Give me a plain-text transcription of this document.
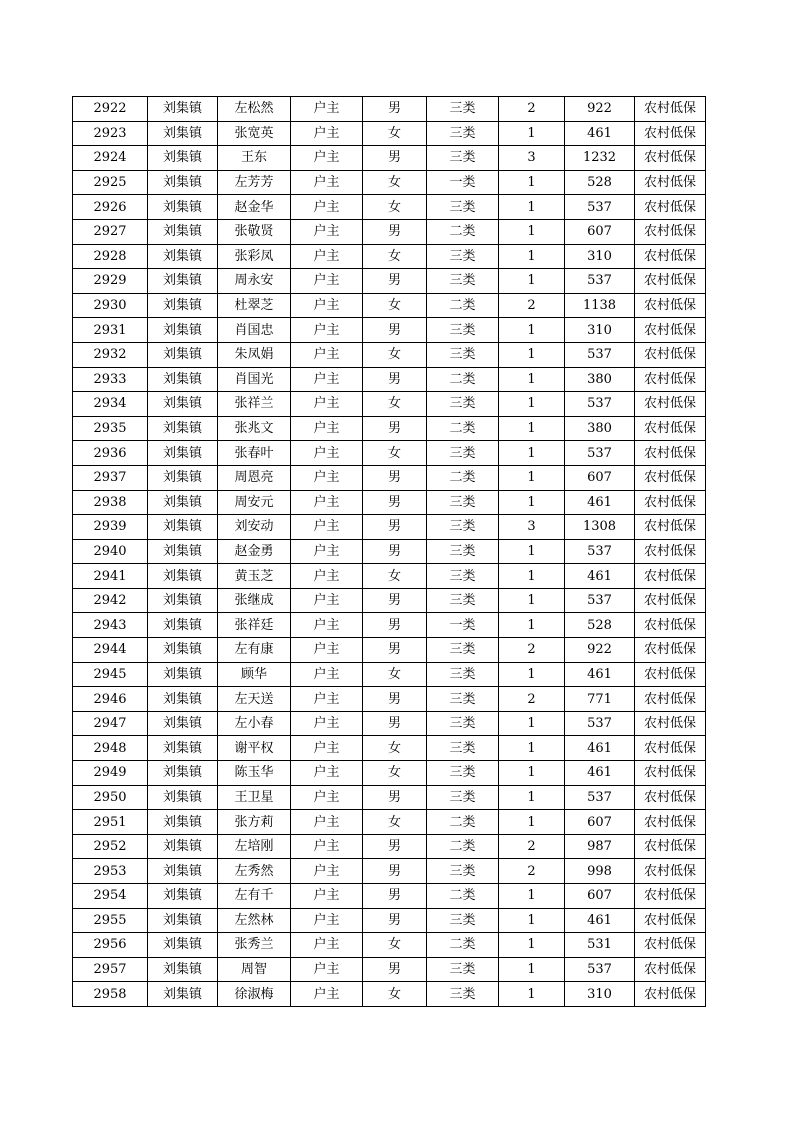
2922	刘集镇	左松然	户主	男	三类	2	922	农村低保
2923	刘集镇	张宽英	户主	女	三类	1	461	农村低保
2924	刘集镇	王东	户主	男	三类	3	1232	农村低保
2925	刘集镇	左芳芳	户主	女	一类	1	528	农村低保
2926	刘集镇	赵金华	户主	女	三类	1	537	农村低保
2927	刘集镇	张敬贤	户主	男	二类	1	607	农村低保
2928	刘集镇	张彩凤	户主	女	三类	1	310	农村低保
2929	刘集镇	周永安	户主	男	三类	1	537	农村低保
2930	刘集镇	杜翠芝	户主	女	二类	2	1138	农村低保
2931	刘集镇	肖国忠	户主	男	三类	1	310	农村低保
2932	刘集镇	朱凤娟	户主	女	三类	1	537	农村低保
2933	刘集镇	肖国光	户主	男	二类	1	380	农村低保
2934	刘集镇	张祥兰	户主	女	三类	1	537	农村低保
2935	刘集镇	张兆文	户主	男	二类	1	380	农村低保
2936	刘集镇	张春叶	户主	女	三类	1	537	农村低保
2937	刘集镇	周恩亮	户主	男	二类	1	607	农村低保
2938	刘集镇	周安元	户主	男	三类	1	461	农村低保
2939	刘集镇	刘安动	户主	男	三类	3	1308	农村低保
2940	刘集镇	赵金勇	户主	男	三类	1	537	农村低保
2941	刘集镇	黄玉芝	户主	女	三类	1	461	农村低保
2942	刘集镇	张继成	户主	男	三类	1	537	农村低保
2943	刘集镇	张祥廷	户主	男	一类	1	528	农村低保
2944	刘集镇	左有康	户主	男	三类	2	922	农村低保
2945	刘集镇	顾华	户主	女	三类	1	461	农村低保
2946	刘集镇	左天送	户主	男	三类	2	771	农村低保
2947	刘集镇	左小春	户主	男	三类	1	537	农村低保
2948	刘集镇	谢平权	户主	女	三类	1	461	农村低保
2949	刘集镇	陈玉华	户主	女	三类	1	461	农村低保
2950	刘集镇	王卫星	户主	男	三类	1	537	农村低保
2951	刘集镇	张方莉	户主	女	二类	1	607	农村低保
2952	刘集镇	左培刚	户主	男	二类	2	987	农村低保
2953	刘集镇	左秀然	户主	男	三类	2	998	农村低保
2954	刘集镇	左有千	户主	男	二类	1	607	农村低保
2955	刘集镇	左然林	户主	男	三类	1	461	农村低保
2956	刘集镇	张秀兰	户主	女	二类	1	531	农村低保
2957	刘集镇	周智	户主	男	三类	1	537	农村低保
2958	刘集镇	徐淑梅	户主	女	三类	1	310	农村低保
